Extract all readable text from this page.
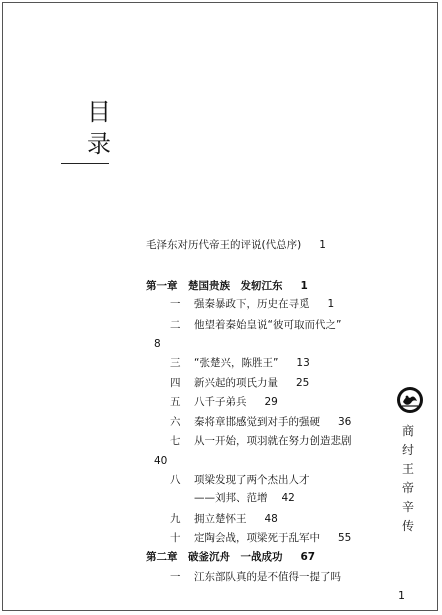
目
录
毛泽东对历代帝王的评说(代总序) 1
第一章　楚国贵族　发轫江东 1
一 强秦暴政下，历史在寻觅 1
二 他望着秦始皇说“彼可取而代之”
8
三 “张楚兴，陈胜王” 13
四 新兴起的项氏力量 25
五 八千子弟兵 29
六 秦将章邯感觉到对手的强硬 36
七 从一开始，项羽就在努力创造悲剧
40
八 项梁发现了两个杰出人才
——刘邦、范增 42
九 拥立楚怀王 48
十 定陶会战，项梁死于乱军中 55
第二章　破釜沉舟　一战成功 67
一 江东部队真的是不值得一提了吗
商
纣
王
帝
辛
传
1
